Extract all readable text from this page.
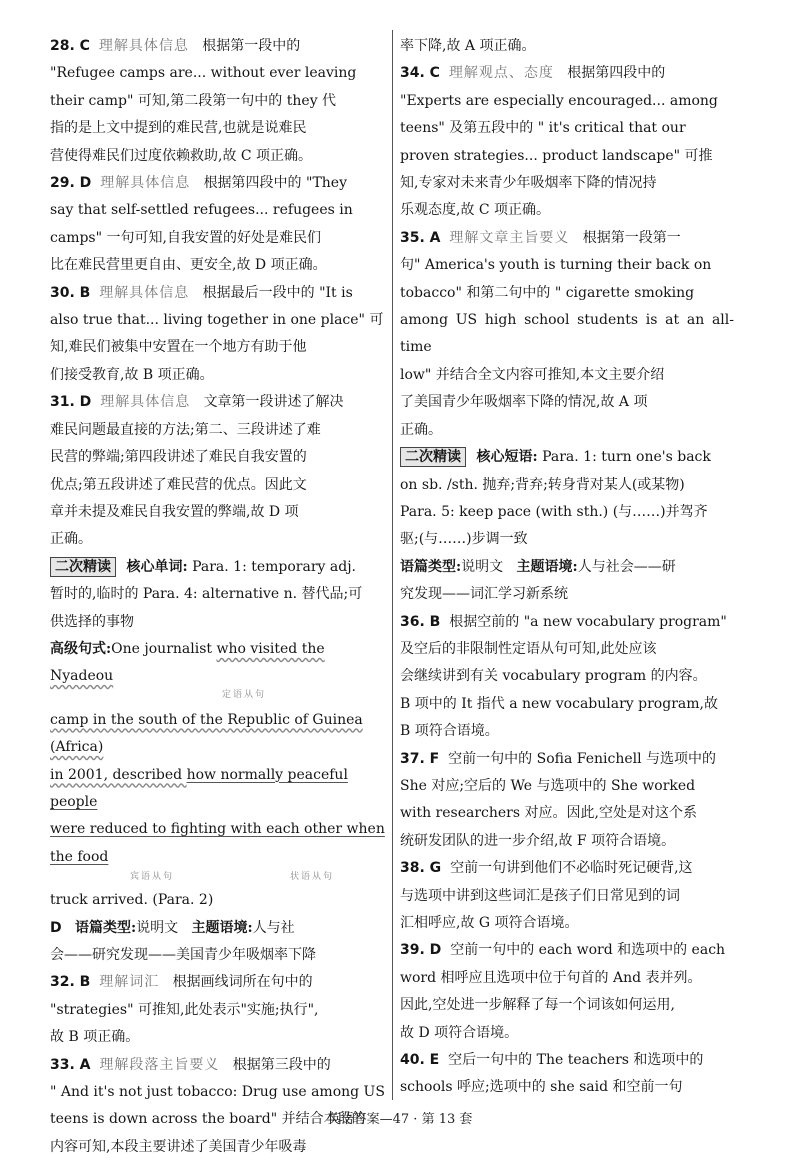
28. C 理解具体信息 根据第一段中的
"Refugee camps are... without ever leaving
their camp" 可知,第二段第一句中的 they 代
指的是上文中提到的难民营,也就是说难民
营使得难民们过度依赖救助,故 C 项正确。

29. D 理解具体信息 根据第四段中的 "They
say that self-settled refugees... refugees in
camps" 一句可知,自我安置的好处是难民们
比在难民营里更自由、更安全,故 D 项正确。

30. B 理解具体信息 根据最后一段中的 "It is
also true that... living together in one place" 可
知,难民们被集中安置在一个地方有助于他
们接受教育,故 B 项正确。

31. D 理解具体信息 文章第一段讲述了解决
难民问题最直接的方法;第二、三段讲述了难
民营的弊端;第四段讲述了难民自我安置的
优点;第五段讲述了难民营的优点。因此文
章并未提及难民自我安置的弊端,故 D 项
正确。

二次精读 核心单词: Para. 1: temporary adj.
暂时的,临时的 Para. 4: alternative n. 替代品;可
供选择的事物

高级句式:One journalist who visited the Nyadeou

定语从句

camp in the south of the Republic of Guinea (Africa)

in 2001, described how normally peaceful people

were reduced to fighting with each other when the food

宾语从句	状语从句

truck arrived. (Para. 2)

D 语篇类型:说明文 主题语境:人与社
会——研究发现——美国青少年吸烟率下降

32. B 理解词汇 根据画线词所在句中的
"strategies" 可推知,此处表示"实施;执行",
故 B 项正确。

33. A 理解段落主旨要义 根据第三段中的
" And it's not just tobacco: Drug use among US
teens is down across the board" 并结合本段的
内容可知,本段主要讲述了美国青少年吸毒

率下降,故 A 项正确。

34. C 理解观点、态度 根据第四段中的
"Experts are especially encouraged... among
teens" 及第五段中的 " it's critical that our
proven strategies... product landscape" 可推
知,专家对未来青少年吸烟率下降的情况持
乐观态度,故 C 项正确。

35. A 理解文章主旨要义 根据第一段第一
句" America's youth is turning their back on
tobacco" 和第二句中的 " cigarette smoking
among US high school students is at an all-time
low" 并结合全文内容可推知,本文主要介绍
了美国青少年吸烟率下降的情况,故 A 项
正确。

二次精读 核心短语: Para. 1: turn one's back
on sb. /sth. 抛弃;背弃;转身背对某人(或某物)
Para. 5: keep pace (with sth.) (与……)并驾齐
驱;(与……)步调一致

语篇类型:说明文 主题语境:人与社会——研
究发现——词汇学习新系统

36. B 根据空前的 "a new vocabulary program"
及空后的非限制性定语从句可知,此处应该
会继续讲到有关 vocabulary program 的内容。
B 项中的 It 指代 a new vocabulary program,故
B 项符合语境。

37. F 空前一句中的 Sofia Fenichell 与选项中的
She 对应;空后的 We 与选项中的 She worked
with researchers 对应。因此,空处是对这个系
统研发团队的进一步介绍,故 F 项符合语境。

38. G 空前一句讲到他们不必临时死记硬背,这
与选项中讲到这些词汇是孩子们日常见到的词
汇相呼应,故 G 项符合语境。

39. D 空前一句中的 each word 和选项中的 each
word 相呼应且选项中位于句首的 And 表并列。
因此,空处进一步解释了每一个词该如何运用,
故 D 项符合语境。

40. E 空后一句中的 The teachers 和选项中的
schools 呼应;选项中的 she said 和空前一句

英语答案—47 · 第 13 套
